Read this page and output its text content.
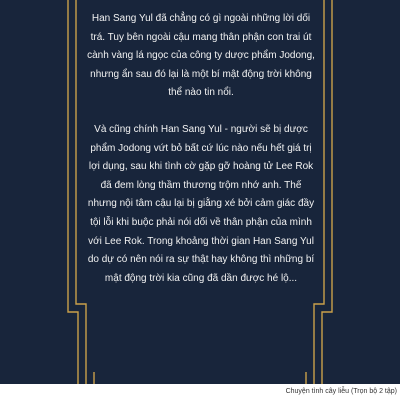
Han Sang Yul đã chẳng có gì ngoài những lời dối trá. Tuy bên ngoài cậu mang thân phận con trai út cành vàng lá ngọc của công ty dược phẩm Jodong, nhưng ẩn sau đó lại là một bí mật động trời không thể nào tin nổi.

Và cũng chính Han Sang Yul - người sẽ bị dược phẩm Jodong vứt bỏ bất cứ lúc nào nếu hết giá trị lợi dụng, sau khi tình cờ gặp gỡ hoàng tử Lee Rok đã đem lòng thầm thương trộm nhớ anh. Thế nhưng nội tâm cậu lại bị giằng xé bởi cảm giác đầy tội lỗi khi buộc phải nói dối về thân phận của mình với Lee Rok. Trong khoảng thời gian Han Sang Yul do dự có nên nói ra sự thật hay không thì những bí mật động trời kia cũng đã dần được hé lộ...

Chuyện tình cây liễu (Trọn bộ 2 tập)
